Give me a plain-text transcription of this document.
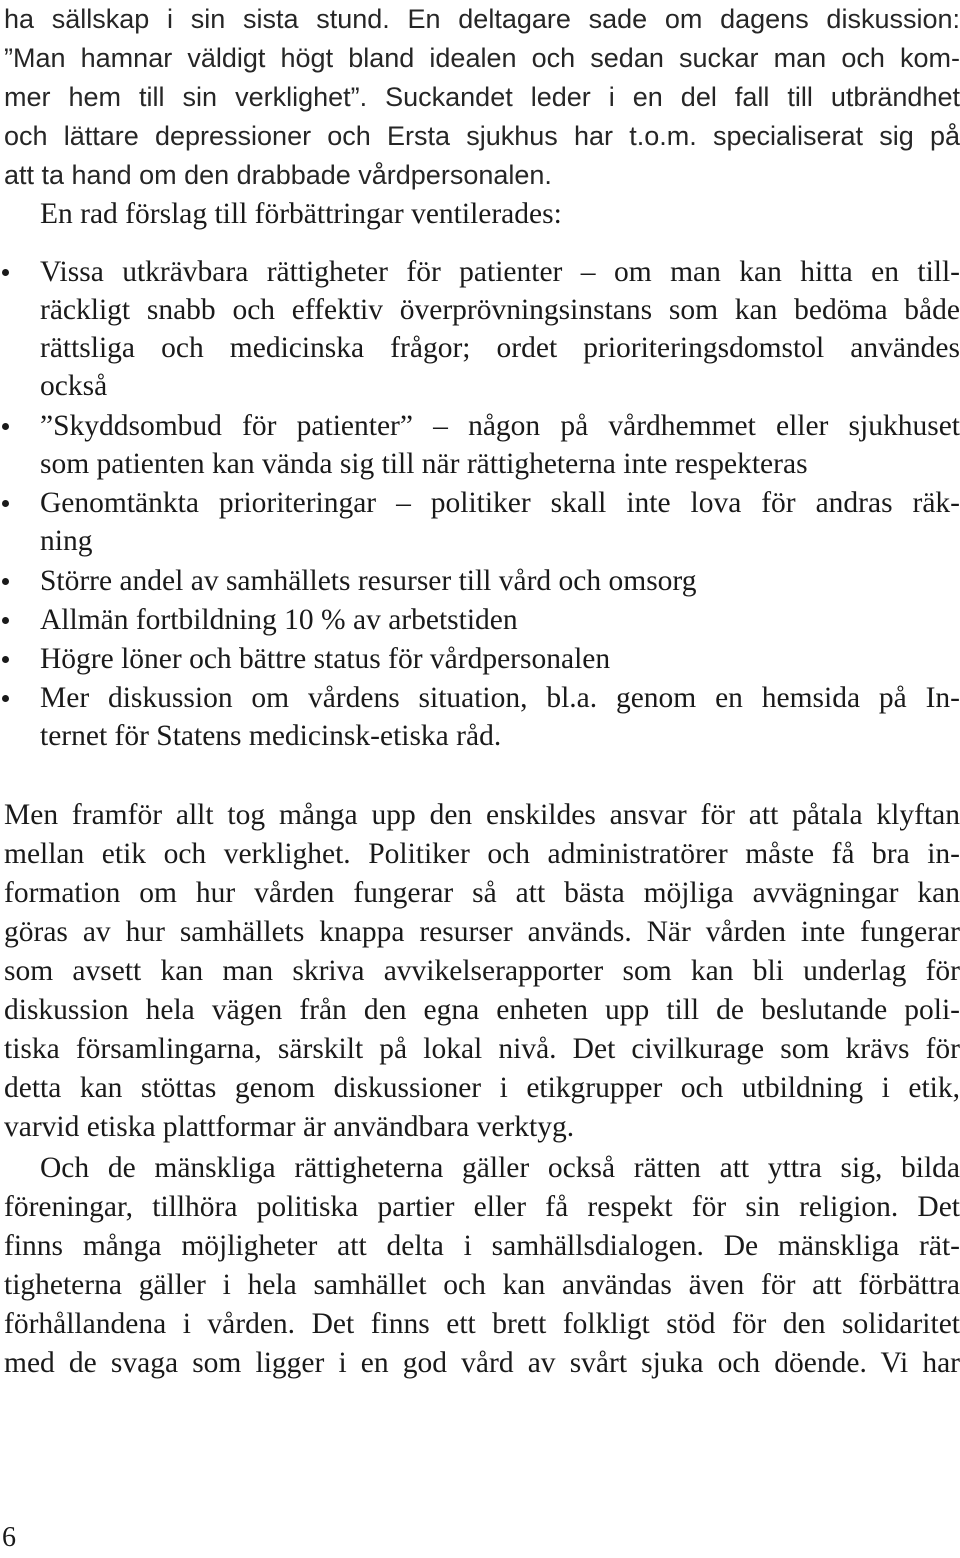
ha sällskap i sin sista stund. En deltagare sade om dagens diskussion:
”Man hamnar väldigt högt bland idealen och sedan suckar man och kom-
mer hem till sin verklighet”. Suckandet leder i en del fall till utbrändhet
och lättare depressioner och Ersta sjukhus har t.o.m. specialiserat sig på
att ta hand om den drabbade vårdpersonalen.
En rad förslag till förbättringar ventilerades:
Vissa utkrävbara rättigheter för patienter – om man kan hitta en till-
räckligt snabb och effektiv överprövningsinstans som kan bedöma både
rättsliga och medicinska frågor; ordet prioriteringsdomstol användes
också
”Skyddsombud för patienter” – någon på vårdhemmet eller sjukhuset
som patienten kan vända sig till när rättigheterna inte respekteras
Genomtänkta prioriteringar – politiker skall inte lova för andras räk-
ning
Större andel av samhällets resurser till vård och omsorg
Allmän fortbildning 10 % av arbetstiden
Högre löner och bättre status för vårdpersonalen
Mer diskussion om vårdens situation, bl.a. genom en hemsida på In-
ternet för Statens medicinsk-etiska råd.
Men framför allt tog många upp den enskildes ansvar för att påtala klyftan
mellan etik och verklighet. Politiker och administratörer måste få bra in-
formation om hur vården fungerar så att bästa möjliga avvägningar kan
göras av hur samhällets knappa resurser används. När vården inte fungerar
som avsett kan man skriva avvikelserapporter som kan bli underlag för
diskussion hela vägen från den egna enheten upp till de beslutande poli-
tiska församlingarna, särskilt på lokal nivå. Det civilkurage som krävs för
detta kan stöttas genom diskussioner i etikgrupper och utbildning i etik,
varvid etiska plattformar är användbara verktyg.
Och de mänskliga rättigheterna gäller också rätten att yttra sig, bilda
föreningar, tillhöra politiska partier eller få respekt för sin religion. Det
finns många möjligheter att delta i samhällsdialogen. De mänskliga rät-
tigheterna gäller i hela samhället och kan användas även för att förbättra
förhållandena i vården. Det finns ett brett folkligt stöd för den solidaritet
med de svaga som ligger i en god vård av svårt sjuka och döende. Vi har
6
